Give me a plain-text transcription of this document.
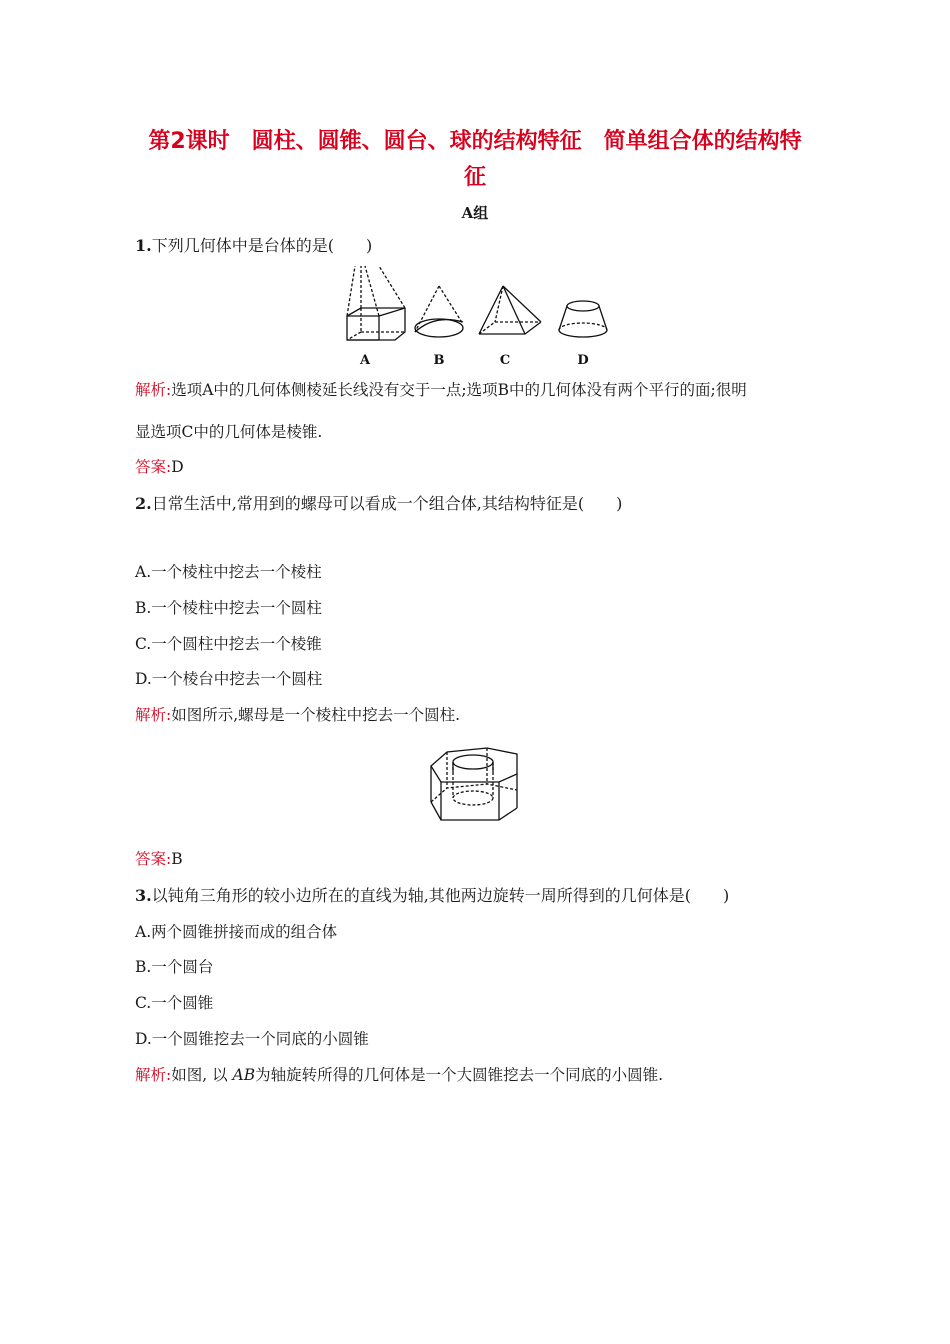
第2课时　圆柱、圆锥、圆台、球的结构特征　简单组合体的结构特
征
A组
1.下列几何体中是台体的是(　　)
A	B	C	D
解析:选项A中的几何体侧棱延长线没有交于一点;选项B中的几何体没有两个平行的面;很明
显选项C中的几何体是棱锥.
答案:D
2.日常生活中,常用到的螺母可以看成一个组合体,其结构特征是(　　)
A.一个棱柱中挖去一个棱柱
B.一个棱柱中挖去一个圆柱
C.一个圆柱中挖去一个棱锥
D.一个棱台中挖去一个圆柱
解析:如图所示,螺母是一个棱柱中挖去一个圆柱.
答案:B
3.以钝角三角形的较小边所在的直线为轴,其他两边旋转一周所得到的几何体是(　　)
A.两个圆锥拼接而成的组合体
B.一个圆台
C.一个圆锥
D.一个圆锥挖去一个同底的小圆锥
解析:如图, 以 AB为轴旋转所得的几何体是一个大圆锥挖去一个同底的小圆锥.
